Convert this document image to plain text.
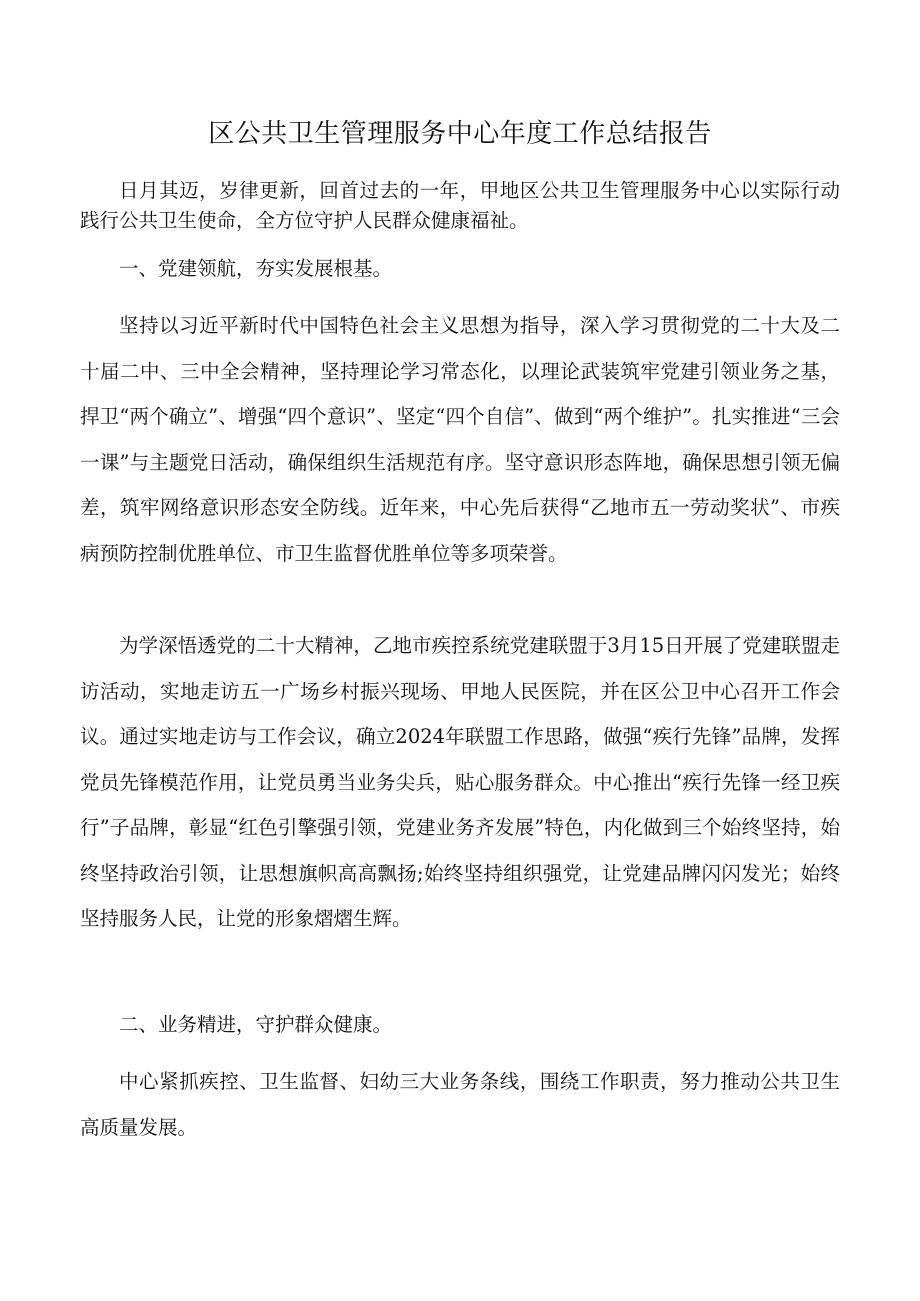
区公共卫生管理服务中心年度工作总结报告

日月其迈，岁律更新，回首过去的一年，甲地区公共卫生管理服务中心以实际行动践行公共卫生使命，全方位守护人民群众健康福祉。

一、党建领航，夯实发展根基。

坚持以习近平新时代中国特色社会主义思想为指导，深入学习贯彻党的二十大及二十届二中、三中全会精神，坚持理论学习常态化，以理论武装筑牢党建引领业务之基，捍卫“两个确立”、增强“四个意识”、坚定“四个自信”、做到“两个维护”。扎实推进“三会一课”与主题党日活动，确保组织生活规范有序。坚守意识形态阵地，确保思想引领无偏差，筑牢网络意识形态安全防线。近年来，中心先后获得“乙地市五一劳动奖状”、市疾病预防控制优胜单位、市卫生监督优胜单位等多项荣誉。

为学深悟透党的二十大精神，乙地市疾控系统党建联盟于3月15日开展了党建联盟走访活动，实地走访五一广场乡村振兴现场、甲地人民医院，并在区公卫中心召开工作会议。通过实地走访与工作会议，确立2024年联盟工作思路，做强“疾行先锋”品牌，发挥党员先锋模范作用，让党员勇当业务尖兵，贴心服务群众。中心推出“疾行先锋一经卫疾行”子品牌，彰显“红色引擎强引领，党建业务齐发展”特色，内化做到三个始终坚持，始终坚持政治引领，让思想旗帜高高飘扬;始终坚持组织强党，让党建品牌闪闪发光；始终坚持服务人民，让党的形象熠熠生辉。

二、业务精进，守护群众健康。

中心紧抓疾控、卫生监督、妇幼三大业务条线，围绕工作职责，努力推动公共卫生高质量发展。
